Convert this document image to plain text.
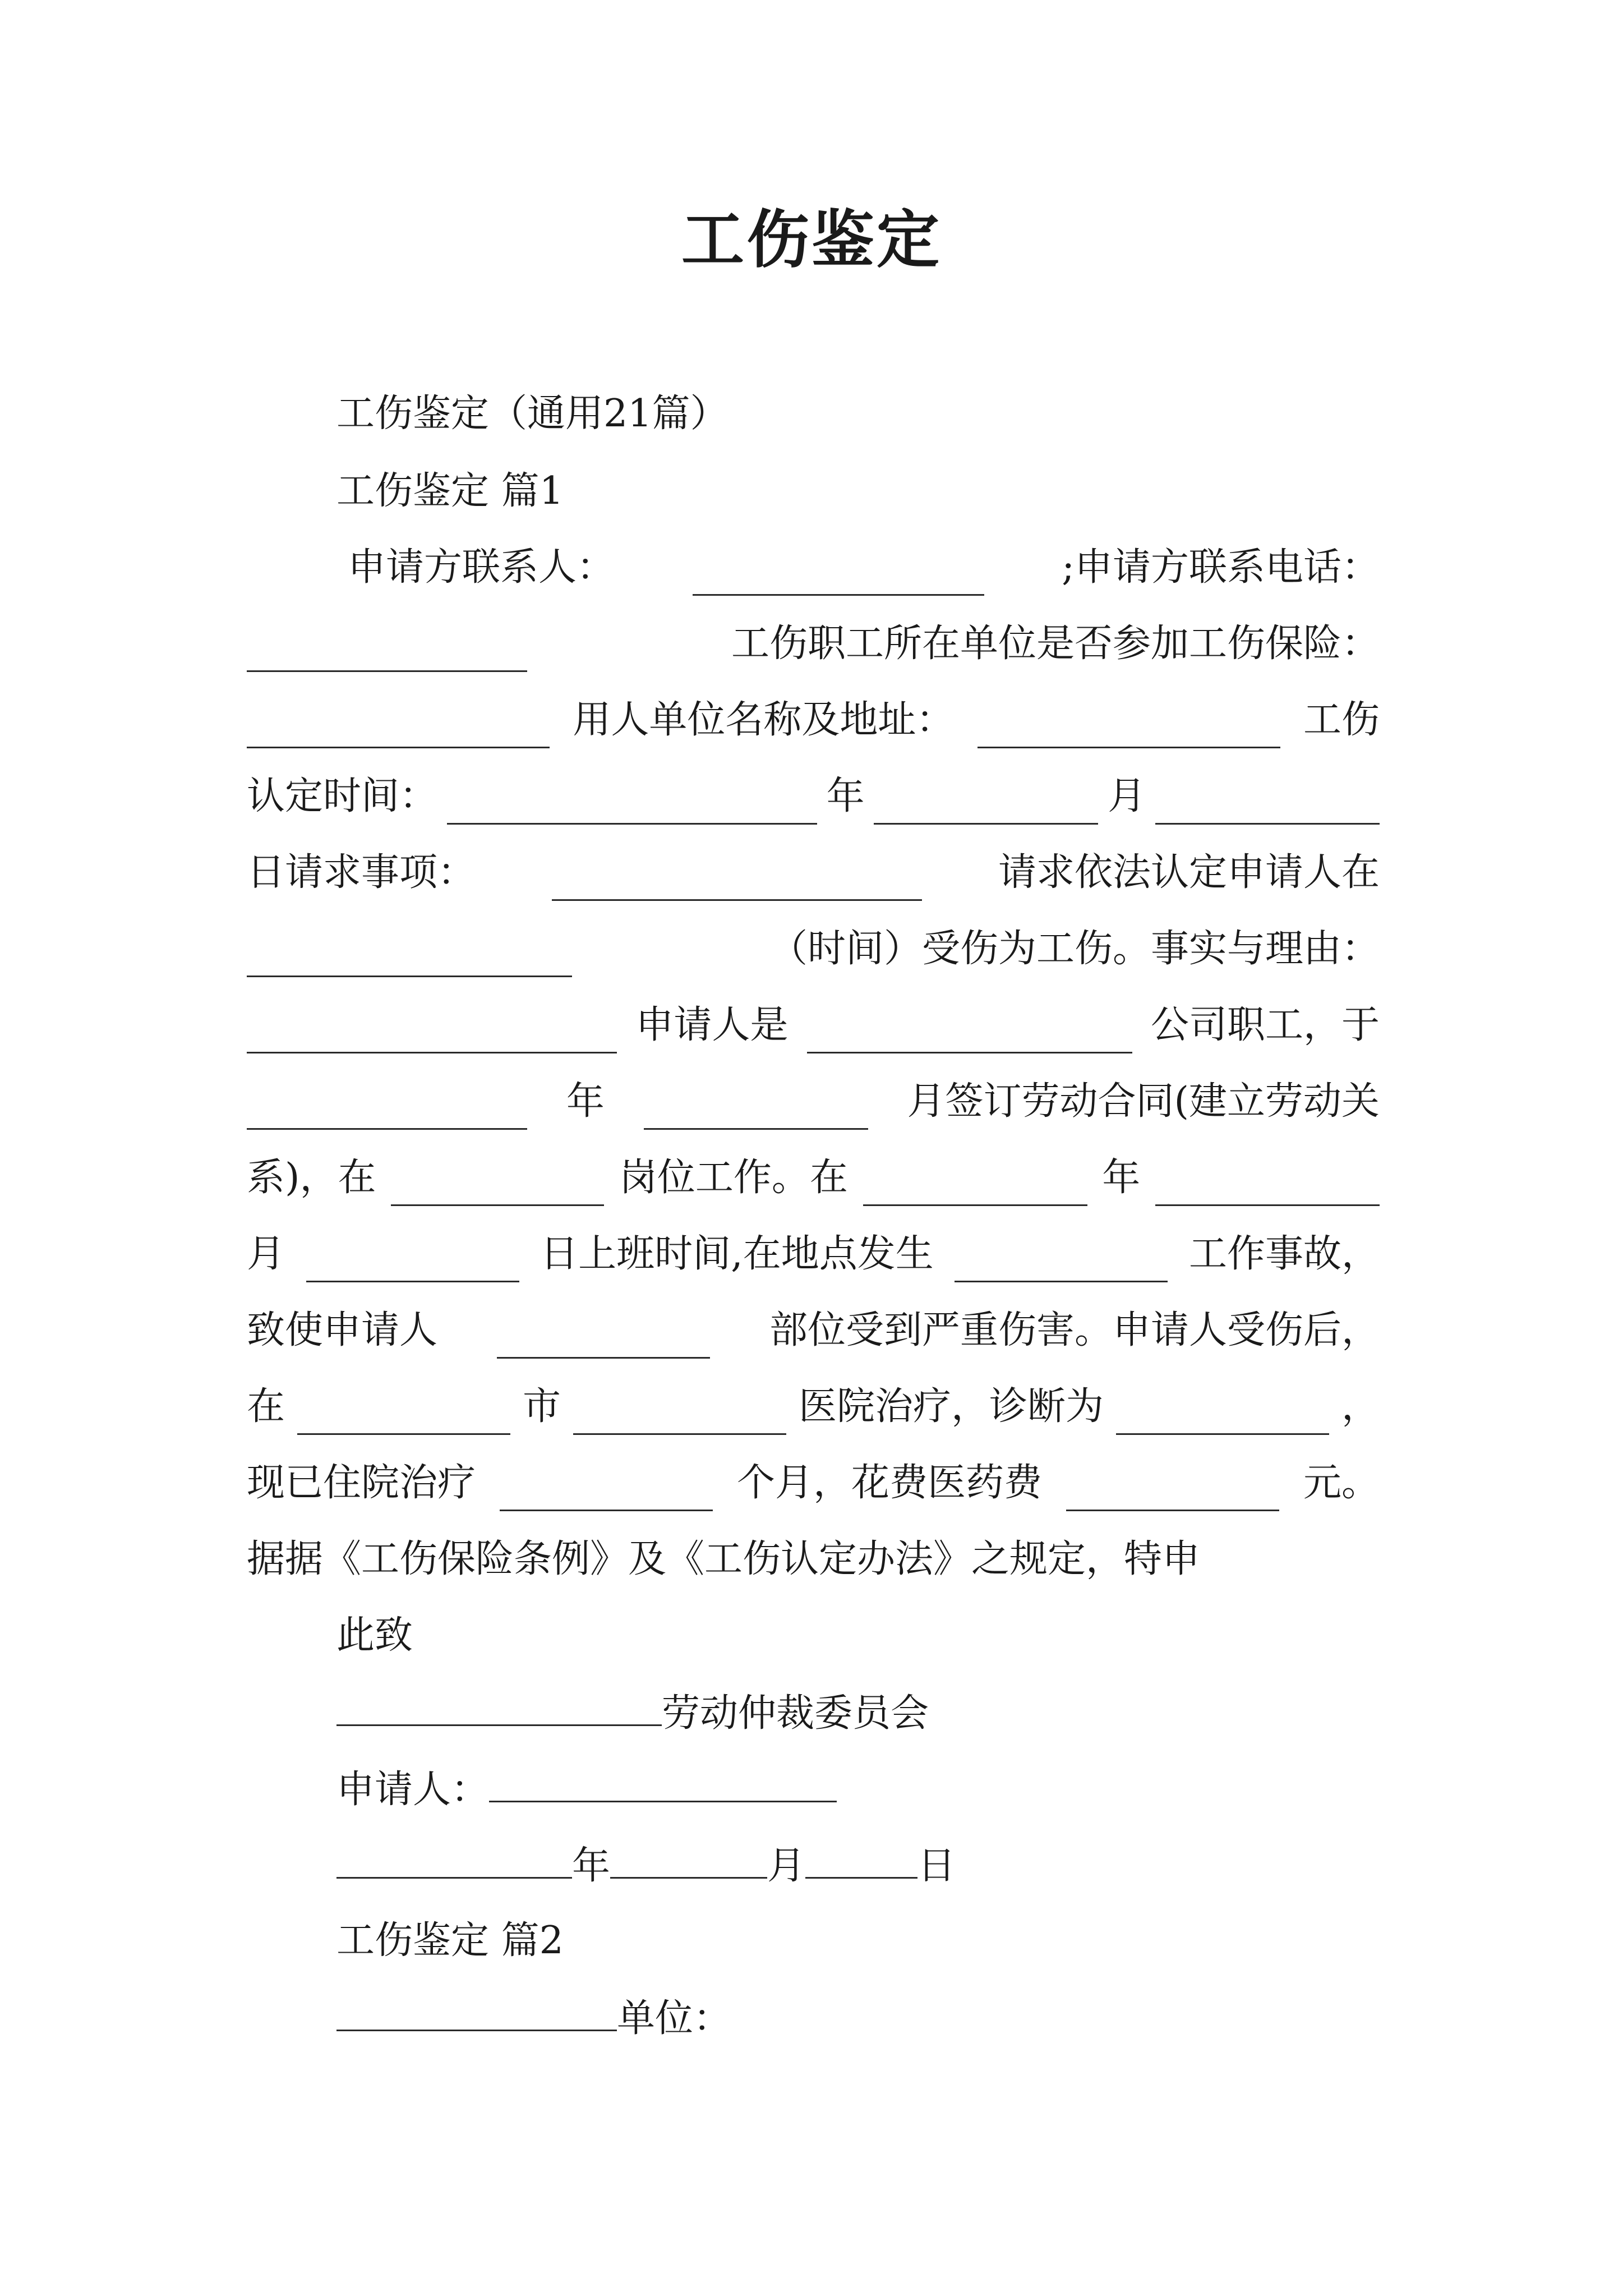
工伤鉴定
工伤鉴定（通用21篇）
工伤鉴定 篇1
申请方联系人：	;申请方联系电话：
工伤职工所在单位是否参加工伤保险：
用人单位名称及地址：	工伤
认定时间：	年	月
日请求事项：	请求依法认定申请人在
（时间）受伤为工伤。事实与理由：
申请人是	公司职工，于
年	月签订劳动合同(建立劳动关
系)，在	岗位工作。在	年
月	日上班时间,在地点发生	工作事故，
致使申请人	部位受到严重伤害。申请人受伤后，
在	市	医院治疗，诊断为	，
现已住院治疗	个月，花费医药费	元。
据据《工伤保险条例》及《工伤认定办法》之规定，特申
此致
劳动仲裁委员会
申请人：
年	月	日
工伤鉴定 篇2
单位：
